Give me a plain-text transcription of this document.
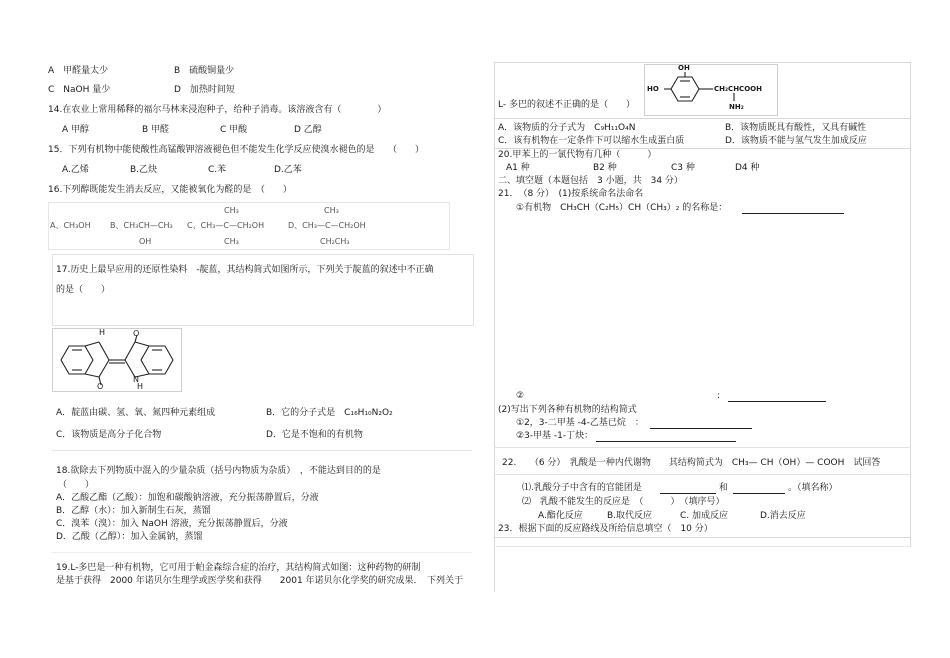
A　甲醛量太少	B　硫酸铜量少
C　NaOH 量少	D　加热时间短
14.在农业上常用稀释的福尔马林来浸泡种子，给种子消毒。该溶液含有（　　　　）
A 甲醇	B 甲醛	C 甲酸	D 乙醇
15．下列有机物中能使酸性高锰酸钾溶液褪色但不能发生化学反应使溴水褪色的是　　（　　）
A.乙烯	B.乙炔	C.苯	D.乙苯
16.下列醇既能发生消去反应，又能被氧化为醛的是　（　　）
A、CH₃OH B、CH₃CH—CH₃
OH
CH₃
C、CH₃—C—CH₂OH
CH₃
CH₃
D、CH₃—C—CH₂OH
CH₂CH₃
17.历史上最早应用的还原性染料　-靛蓝，其结构简式如图所示，下列关于靛蓝的叙述中不正确
的是（　　）
H	O
O
N
H
A．靛蓝由碳、氢、氧、氮四种元素组成	B．它的分子式是　C₁₆H₁₀N₂O₂
C．该物质是高分子化合物	D．它是不饱和的有机物
18.欲除去下列物质中混入的少量杂质（括号内物质为杂质）　，不能达到目的的是
（　　）
A．乙酸乙酯（乙酸）：加饱和碳酸钠溶液，充分振荡静置后，分液
B．乙醇（水）：加入新制生石灰，蒸馏
C．溴苯（溴）：加入 NaOH 溶液，充分振荡静置后，分液
D．乙酸（乙醇）：加入金属钠，蒸馏
19.L-多巴是一种有机物，它可用于帕金森综合症的治疗，其结构简式如图：这种药物的研制
是基于获得　2000 年诺贝尔生理学或医学奖和获得　　2001 年诺贝尔化学奖的研究成果．　下列关于
OH
HO	CH₂CHCOOH
NH₂
L- 多巴的叙述不正确的是（　　）
A．该物质的分子式为　C₉H₁₁O₄N	B．该物质既具有酸性，又具有碱性
C．该有机物在一定条件下可以缩水生成蛋白质	D．该物质不能与氢气发生加成反应
20.甲苯上的一氯代物有几种（　　　）
A1 种	B2 种	C3 种	D4 种
二、填空题（本题包括　3 小题，共　34 分）
21．　（8 分）　(1)按系统命名法命名
①有机物　CH₃CH（C₂H₅）CH（CH₃）₂ 的名称是：
②	:
(2)写出下列各种有机物的结构简式
①2，3-二甲基 -4-乙基已烷　：
②3-甲基 -1-丁炔：
22.　　（6 分）　乳酸是一种内代谢物　　其结构简式为　CH₃— CH（OH）— COOH　试回答
⑴.乳酸分子中含有的官能团是	和	。（填名称）
⑵　乳酸不能发生的反应是　（　　　）　（填序号）
A.酯化反应	B.取代反应	C. 加成反应	D.消去反应
23．根据下面的反应路线及所给信息填空（　10 分）
